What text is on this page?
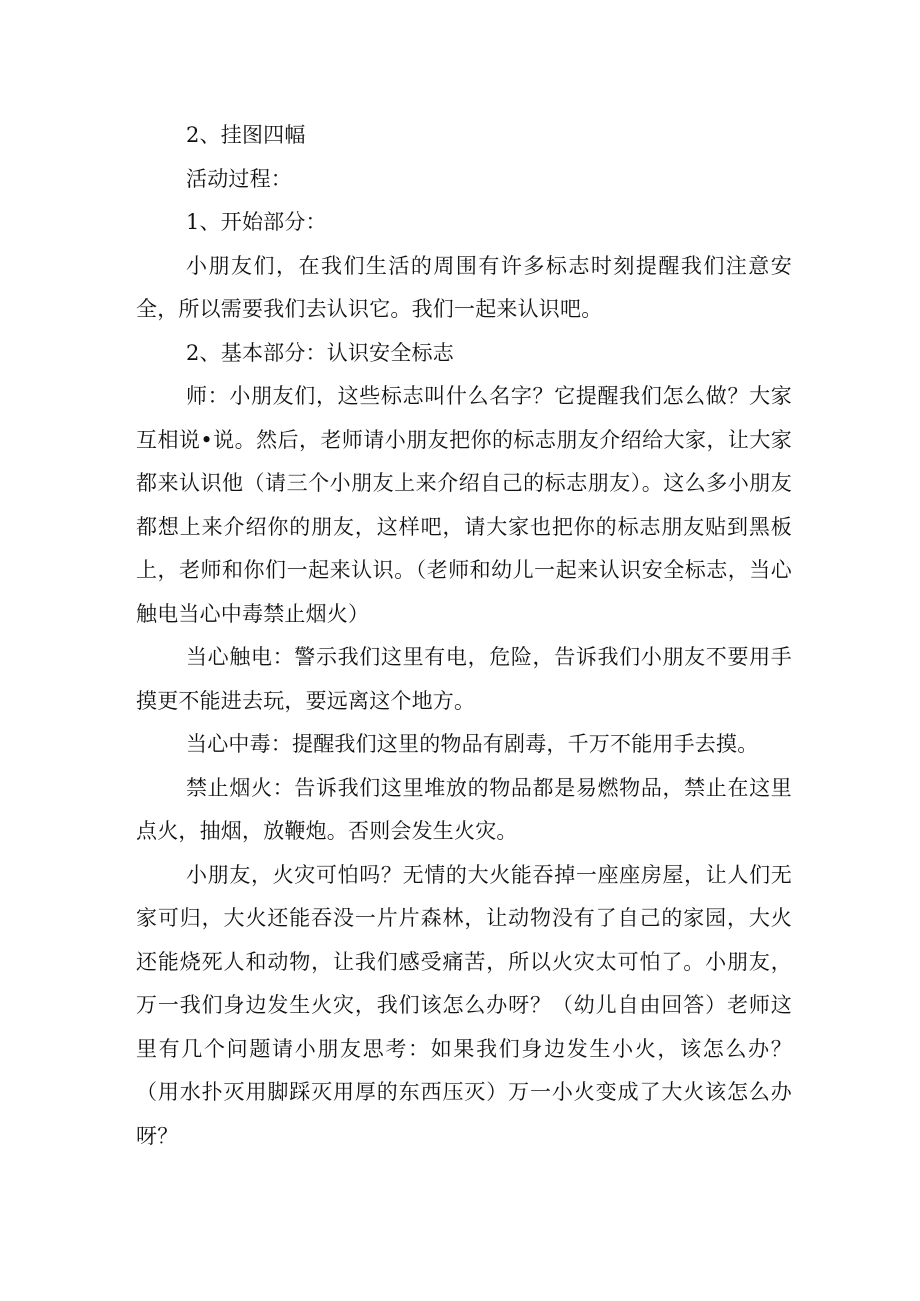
2、挂图四幅

活动过程：

1、开始部分：

小朋友们，在我们生活的周围有许多标志时刻提醒我们注意安全，所以需要我们去认识它。我们一起来认识吧。

2、基本部分：认识安全标志

师：小朋友们，这些标志叫什么名字？它提醒我们怎么做？大家互相说•说。然后，老师请小朋友把你的标志朋友介绍给大家，让大家都来认识他（请三个小朋友上来介绍自己的标志朋友）。这么多小朋友都想上来介绍你的朋友，这样吧，请大家也把你的标志朋友贴到黑板上，老师和你们一起来认识。（老师和幼儿一起来认识安全标志，当心触电当心中毒禁止烟火）

当心触电：警示我们这里有电，危险，告诉我们小朋友不要用手摸更不能进去玩，要远离这个地方。

当心中毒：提醒我们这里的物品有剧毒，千万不能用手去摸。

禁止烟火：告诉我们这里堆放的物品都是易燃物品，禁止在这里点火，抽烟，放鞭炮。否则会发生火灾。

小朋友，火灾可怕吗？无情的大火能吞掉一座座房屋，让人们无家可归，大火还能吞没一片片森林，让动物没有了自己的家园，大火还能烧死人和动物，让我们感受痛苦，所以火灾太可怕了。小朋友，万一我们身边发生火灾，我们该怎么办呀？（幼儿自由回答）老师这里有几个问题请小朋友思考：如果我们身边发生小火，该怎么办？（用水扑灭用脚踩灭用厚的东西压灭）万一小火变成了大火该怎么办呀？
